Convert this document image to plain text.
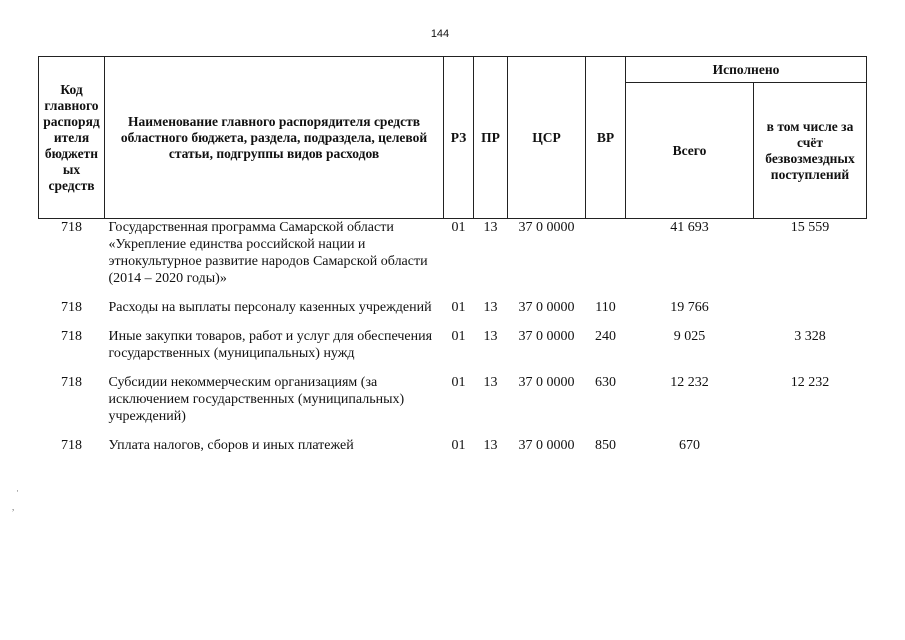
144
Код главного распорядителя бюджетных средств	Наименование главного распорядителя средств областного бюджета, раздела, подраздела, целевой статьи, подгруппы видов расходов	РЗ	ПР	ЦСР	ВР	Исполнено	
						Всего	в том числе за счёт безвозмездных поступлений
718	Государственная программа Самарской области «Укрепление единства российской нации и этнокультурное развитие народов Самарской области (2014 – 2020 годы)»	01	13	37 0 0000		41 693	15 559
718	Расходы на выплаты персоналу казенных учреждений	01	13	37 0 0000	110	19 766	
718	Иные закупки товаров, работ и услуг для обеспечения государственных (муниципальных) нужд	01	13	37 0 0000	240	9 025	3 328
718	Субсидии некоммерческим организациям (за исключением государственных (муниципальных) учреждений)	01	13	37 0 0000	630	12 232	12 232
718	Уплата налогов, сборов и иных платежей	01	13	37 0 0000	850	670	
·
,
